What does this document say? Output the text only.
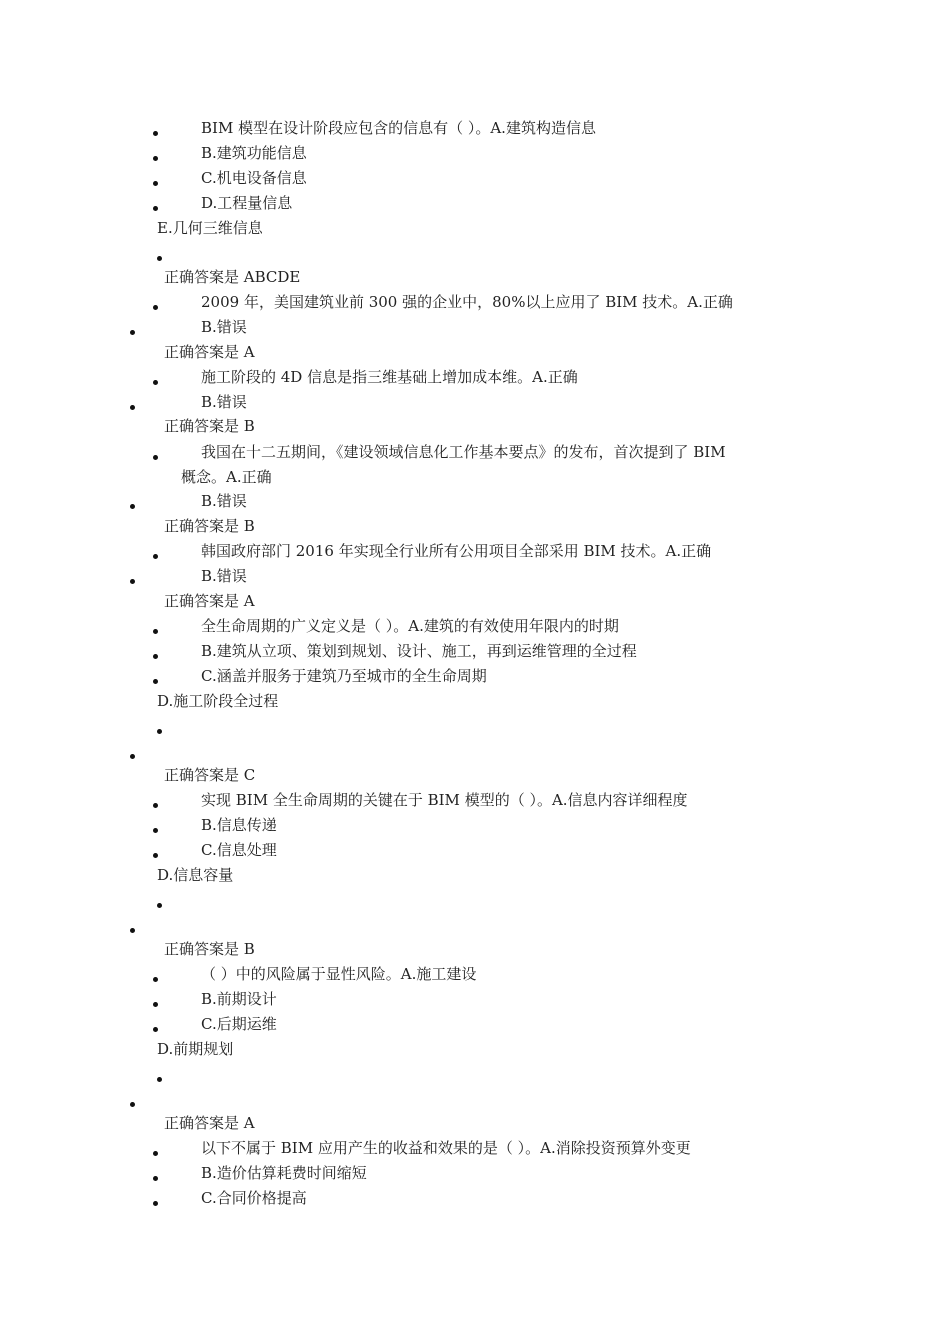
BIM 模型在设计阶段应包含的信息有（ ）。A.建筑构造信息
B.建筑功能信息
C.机电设备信息
D.工程量信息
E.几何三维信息
正确答案是 ABCDE
2009 年，美国建筑业前 300 强的企业中，80%以上应用了 BIM 技术。A.正确
B.错误
正确答案是 A
施工阶段的 4D 信息是指三维基础上增加成本维。A.正确
B.错误
正确答案是 B
我国在十二五期间，《建设领域信息化工作基本要点》的发布，首次提到了 BIM
概念。A.正确
B.错误
正确答案是 B
韩国政府部门 2016 年实现全行业所有公用项目全部采用 BIM 技术。A.正确
B.错误
正确答案是 A
全生命周期的广义定义是（ ）。A.建筑的有效使用年限内的时期
B.建筑从立项、策划到规划、设计、施工，再到运维管理的全过程
C.涵盖并服务于建筑乃至城市的全生命周期
D.施工阶段全过程
正确答案是 C
实现 BIM 全生命周期的关键在于 BIM 模型的（ ）。A.信息内容详细程度
B.信息传递
C.信息处理
D.信息容量
正确答案是 B
（ ）中的风险属于显性风险。A.施工建设
B.前期设计
C.后期运维
D.前期规划
正确答案是 A
以下不属于 BIM 应用产生的收益和效果的是（ ）。A.消除投资预算外变更
B.造价估算耗费时间缩短
C.合同价格提高
